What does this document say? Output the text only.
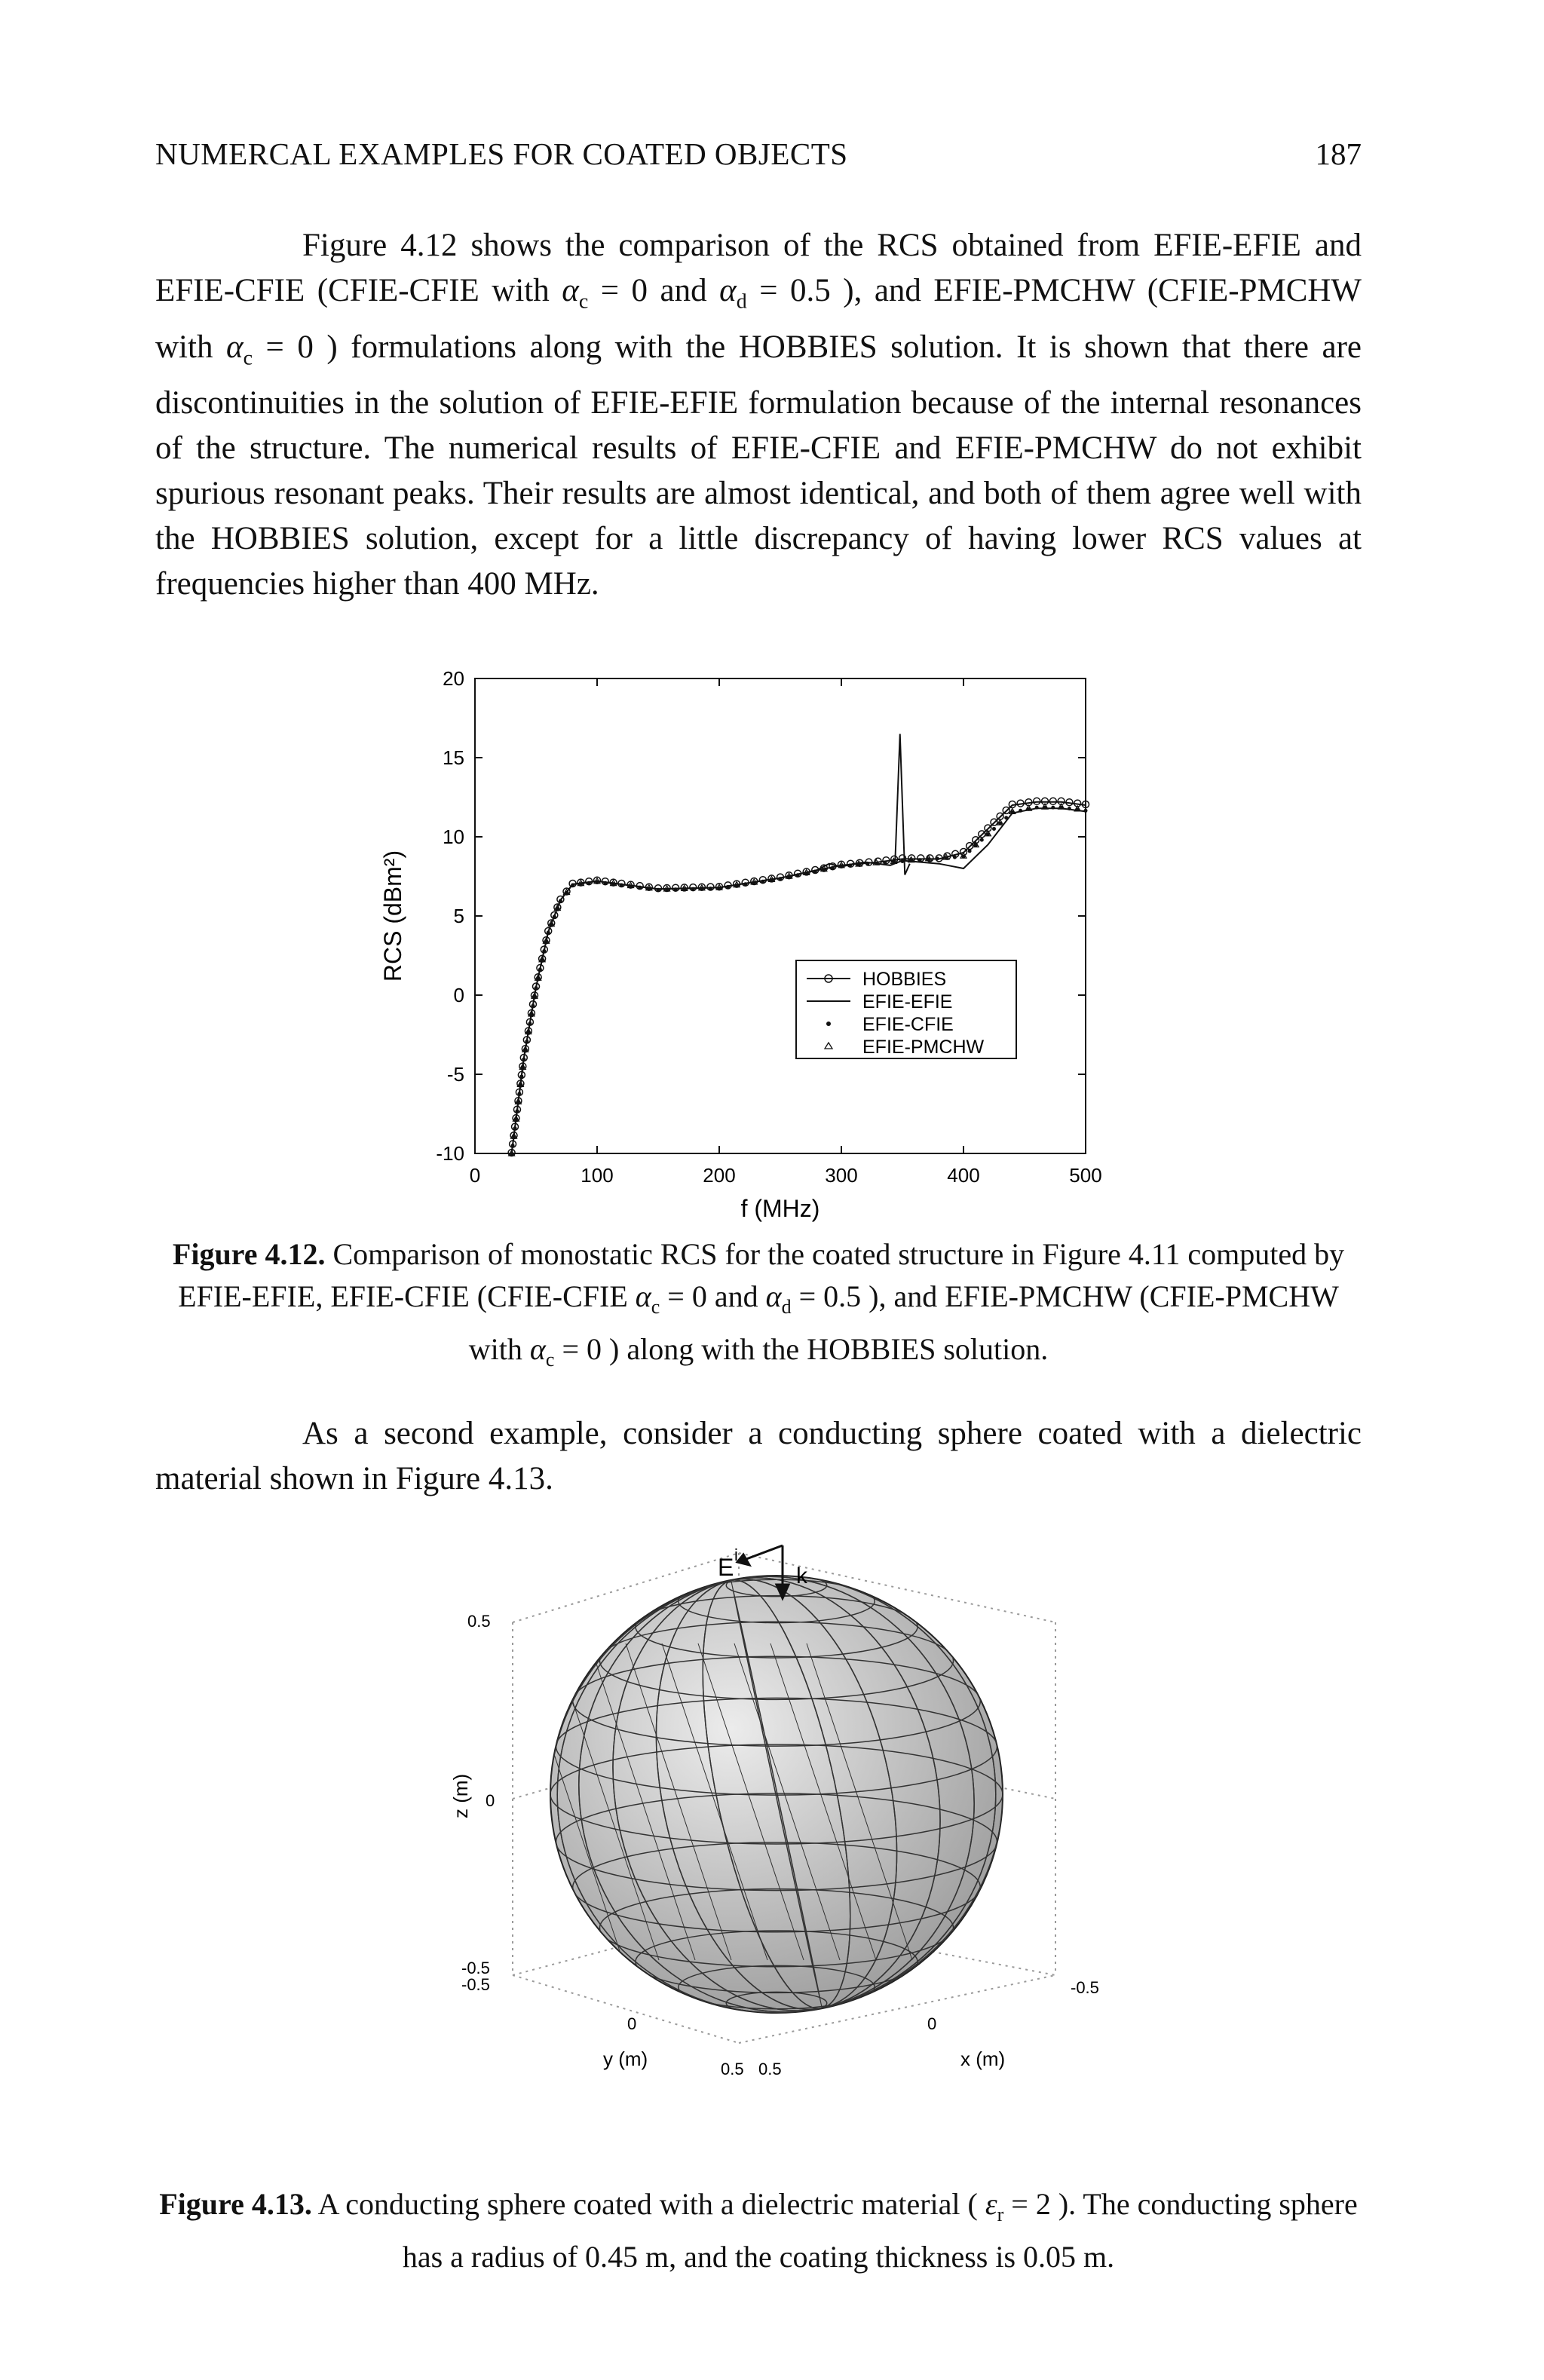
NUMERCAL EXAMPLES FOR COATED OBJECTS	187

Figure 4.12 shows the comparison of the RCS obtained from EFIE-EFIE and EFIE-CFIE (CFIE-CFIE with $\alpha_c = 0$ and $\alpha_d = 0.5$ ), and EFIE-PMCHW (CFIE-PMCHW with $\alpha_c = 0$ ) formulations along with the HOBBIES solution. It is shown that there are discontinuities in the solution of EFIE-EFIE formulation because of the internal resonances of the structure. The numerical results of EFIE-CFIE and EFIE-PMCHW do not exhibit spurious resonant peaks. Their results are almost identical, and both of them agree well with the HOBBIES solution, except for a little discrepancy of having lower RCS values at frequencies higher than 400 MHz.

0	100	200	300	400	500
-10
-5
0
5
10
15
20
f (MHz)
RCS (dBm²)	HOBBIES
EFIE-EFIE
EFIE-CFIE
EFIE-PMCHW
Figure 4.12. Comparison of monostatic RCS for the coated structure in Figure 4.11 computed by EFIE-EFIE, EFIE-CFIE (CFIE-CFIE $\alpha_c = 0$ and $\alpha_d = 0.5$ ), and EFIE-PMCHW (CFIE-PMCHW with $\alpha_c = 0$ ) along with the HOBBIES solution.

As a second example, consider a conducting sphere coated with a dielectric material shown in Figure 4.13.

E i
k
0.5
0
-0.5
-0.5
z (m)
0
y (m)	0.5 0.5
0
x (m)
-0.5
Figure 4.13. A conducting sphere coated with a dielectric material ( $\varepsilon_r = 2$ ). The conducting sphere has a radius of 0.45 m, and the coating thickness is 0.05 m.
